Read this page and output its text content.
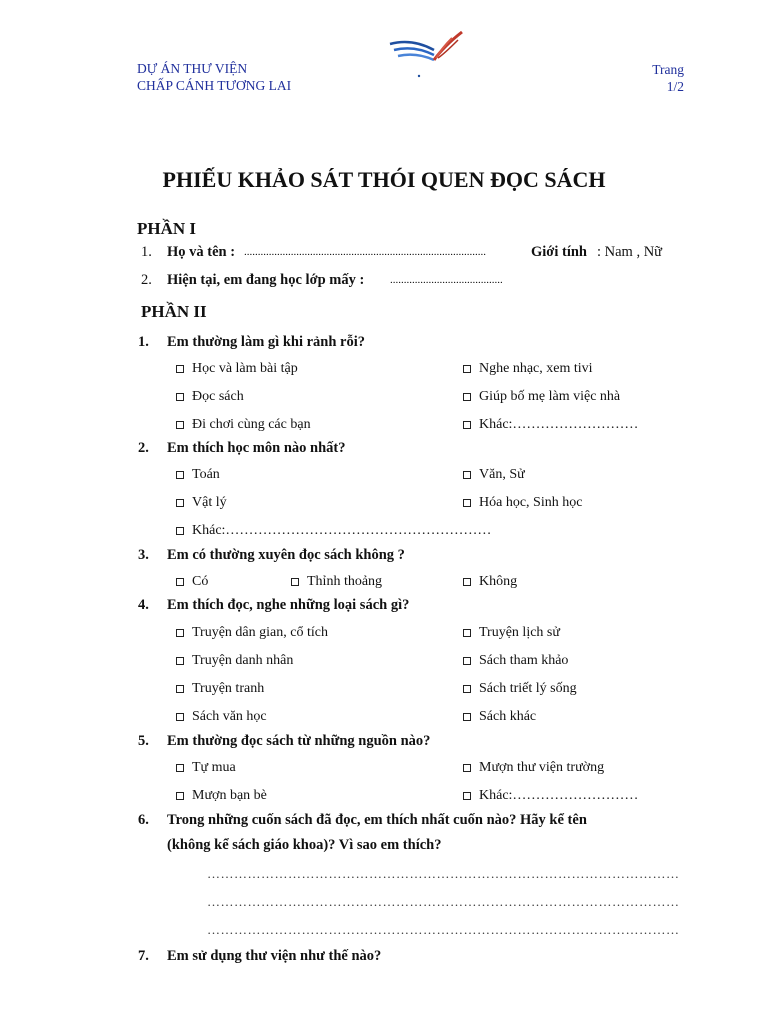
DỰ ÁN THƯ VIỆN
CHẤP CÁNH TƯƠNG LAI
Trang
1/2
PHIẾU KHẢO SÁT THÓI QUEN ĐỌC SÁCH
PHẦN I
1. Họ và tên : ........................................................................................	Giới tính : Nam , Nữ
2. Hiện tại, em đang học lớp mấy : .........................................
PHẦN II
1. Em thường làm gì khi rảnh rỗi?
Học và làm bài tập	Nghe nhạc, xem tivi
Đọc sách	Giúp bố mẹ làm việc nhà
Đi chơi cùng các bạn	Khác:………………………
2. Em thích học môn nào nhất?
Toán	Văn, Sử
Vật lý	Hóa học, Sinh học
Khác:…………………………………………………
3. Em có thường xuyên đọc sách không ?
Có	Thỉnh thoảng	Không
4. Em thích đọc, nghe những loại sách gì?
Truyện dân gian, cổ tích	Truyện lịch sử
Truyện danh nhân	Sách tham khảo
Truyện tranh	Sách triết lý sống
Sách văn học	Sách khác
5. Em thường đọc sách từ những nguồn nào?
Tự mua	Mượn thư viện trường
Mượn bạn bè	Khác:………………………
6. Trong những cuốn sách đã đọc, em thích nhất cuốn nào? Hãy kể tên
(không kể sách giáo khoa)? Vì sao em thích?
……………………………………………………………………………………………
……………………………………………………………………………………………
……………………………………………………………………………………………
7. Em sử dụng thư viện như thế nào?
